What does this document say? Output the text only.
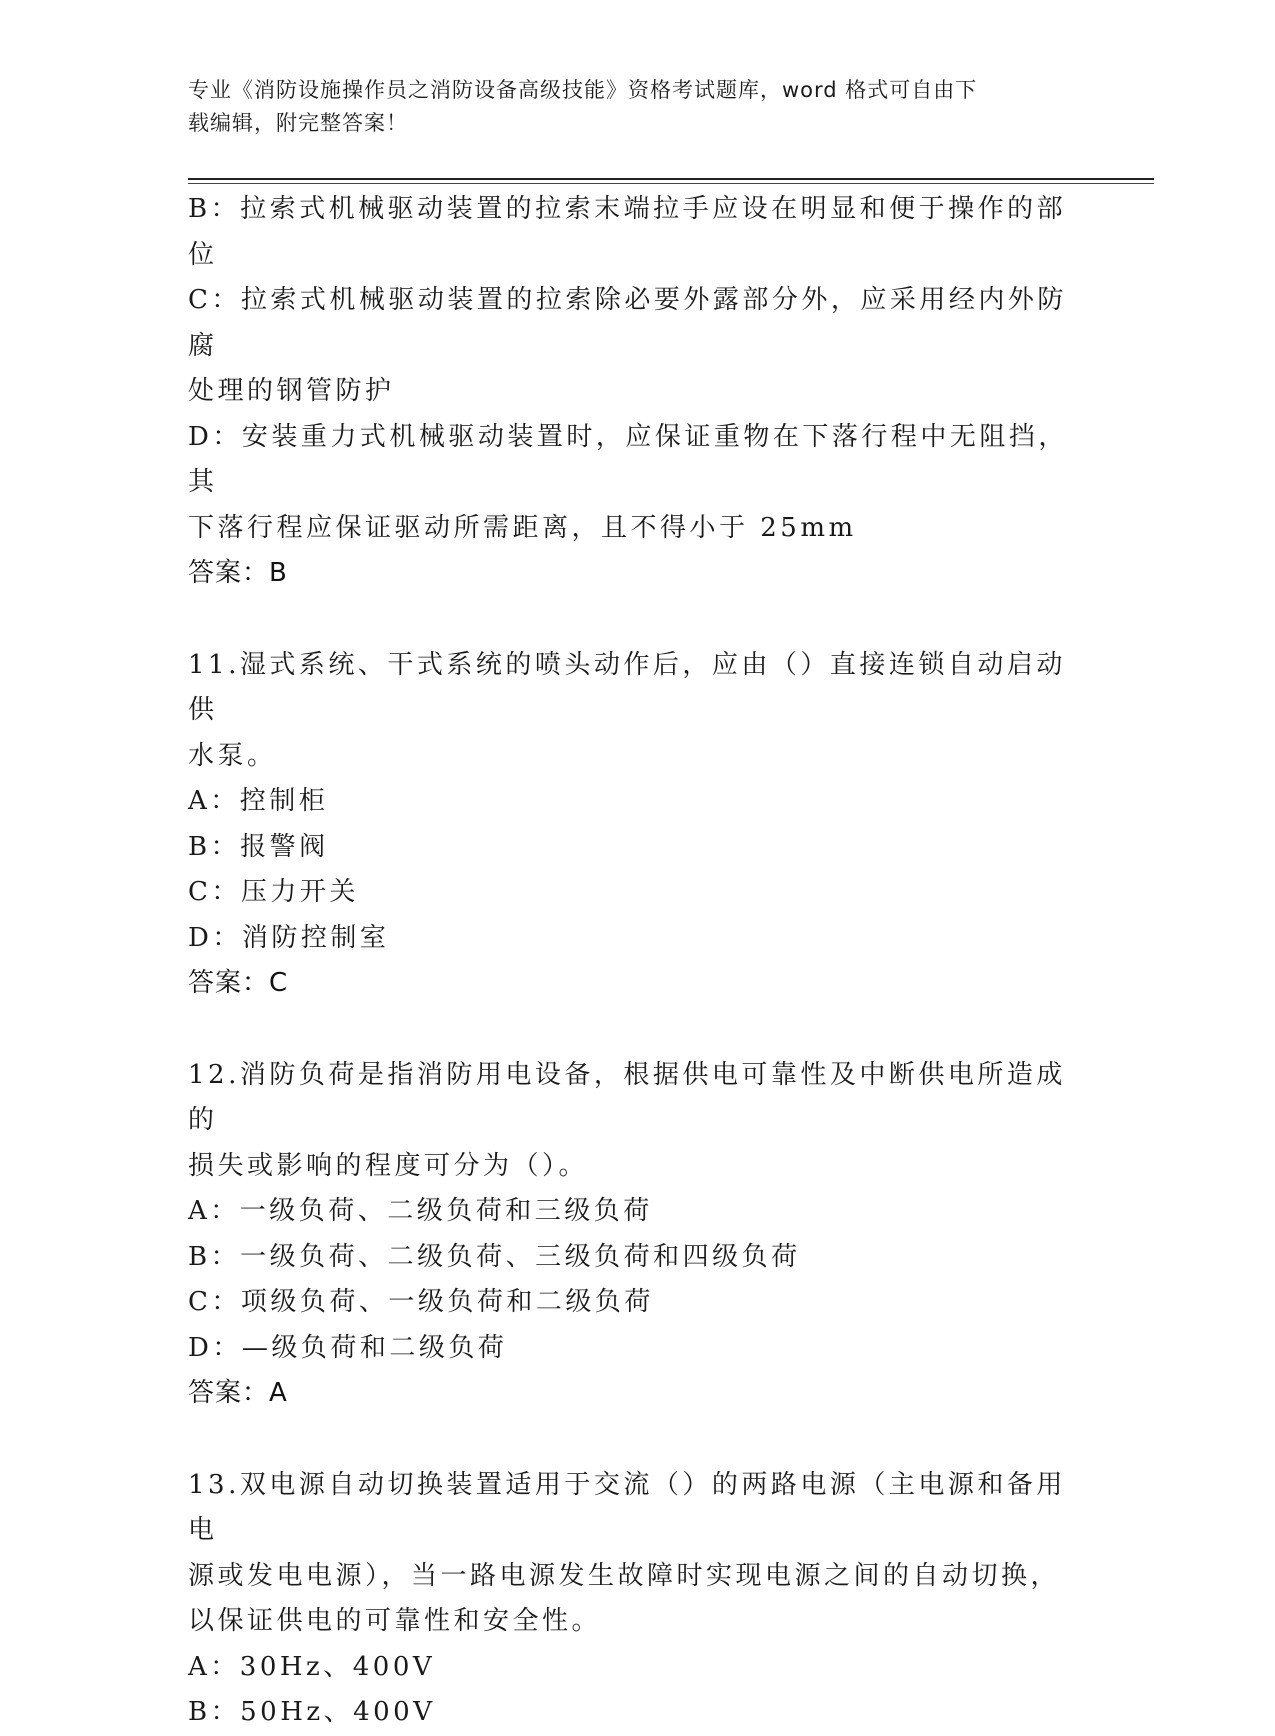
专业《消防设施操作员之消防设备高级技能》资格考试题库，word 格式可自由下
载编辑，附完整答案！

B：拉索式机械驱动装置的拉索末端拉手应设在明显和便于操作的部位

C：拉索式机械驱动装置的拉索除必要外露部分外，应采用经内外防腐

处理的钢管防护

D：安装重力式机械驱动装置时，应保证重物在下落行程中无阻挡，其

下落行程应保证驱动所需距离，且不得小于 25mm

答案：B

11.湿式系统、干式系统的喷头动作后，应由（）直接连锁自动启动供

水泵。

A：控制柜

B：报警阀

C：压力开关

D：消防控制室

答案：C

12.消防负荷是指消防用电设备，根据供电可靠性及中断供电所造成的

损失或影响的程度可分为（）。

A：一级负荷、二级负荷和三级负荷

B：一级负荷、二级负荷、三级负荷和四级负荷

C：项级负荷、一级负荷和二级负荷

D：—级负荷和二级负荷

答案：A

13.双电源自动切换装置适用于交流（）的两路电源（主电源和备用电

源或发电电源），当一路电源发生故障时实现电源之间的自动切换，

以保证供电的可靠性和安全性。

A：30Hz、400V

B：50Hz、400V
